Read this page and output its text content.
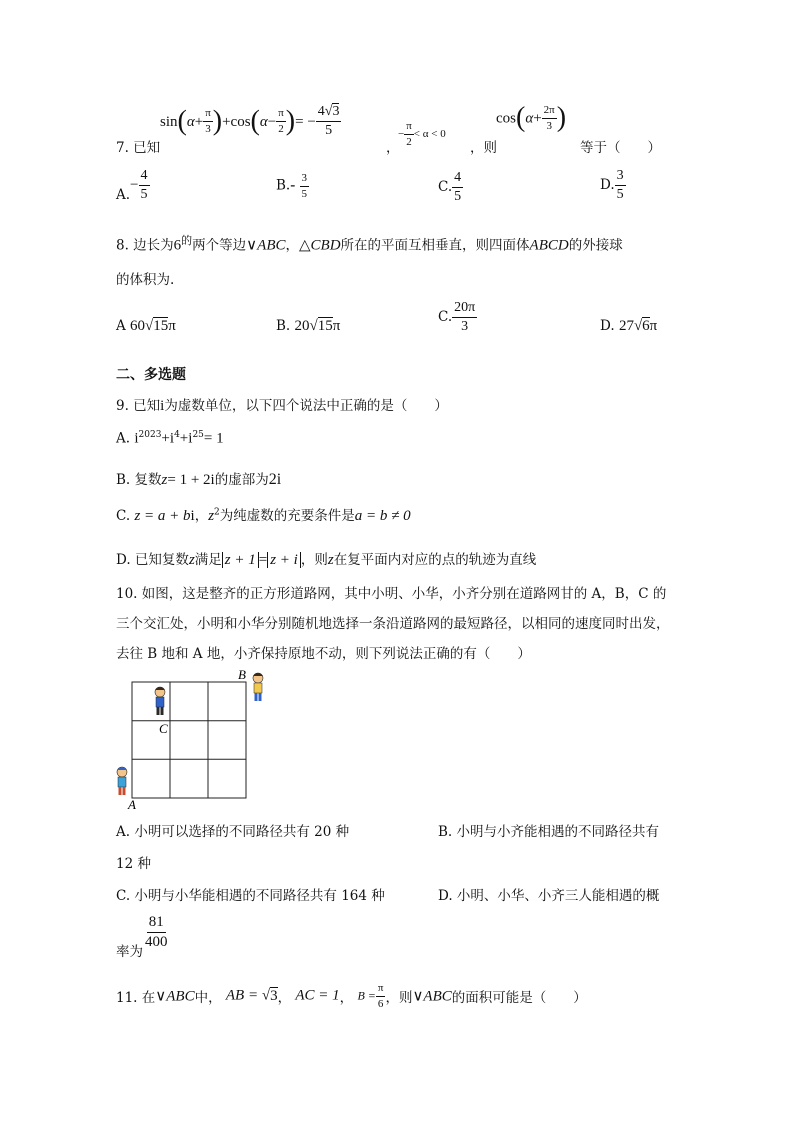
7. 已知
$\sin(\alpha+ \frac{\pi}{3} )+\cos(\alpha- \frac{\pi}{2}$ )= − $\frac{4√3}{5}$
，
− $\frac{\pi}{2} < \alpha < 0$
，则
$\cos(\alpha+ \frac{2\pi}{3}$ )
等于（　　）
$A.- \frac{4}{5}$	$B.- \frac{3}{5}$	C. $\frac{4}{5}$	D. $\frac{3}{5}$
8. 边长为$6^的$两个等边∨ABC，△CBD所在的平面互相垂直，则四面体ABCD的外接球
的体积为.
A 60√15π	B. 20√15π
C. $\frac{20\pi}{3}$	D. 27√6π
二、多选题
9. 已知i为虚数单位，以下四个说法中正确的是（　　）
A. $i^{2023}+i^4+i^{25}= 1$
B. 复数z= 1 + 2i的虚部为2i
C. z = a + bi，$z^2$为纯虚数的充要条件是a = b ≠ 0
D. 已知复数z满足 z + 1 = z + i ，则z在复平面内对应的点的轨迹为直线
10. 如图，这是整齐的正方形道路网，其中小明、小华，小齐分别在道路网甘的 A，B，C 的
三个交汇处，小明和小华分别随机地选择一条沿道路网的最短路径，以相同的速度同时出发，
去往 B 地和 A 地，小齐保持原地不动，则下列说法正确的有（　　）
B
C
A
A. 小明可以选择的不同路径共有 20 种	B. 小明与小齐能相遇的不同路径共有
12 种
C. 小明与小华能相遇的不同路径共有 164 种	D. 小明、小华、小齐三人能相遇的概
率为
$\frac{81}{400}$
11. 在∨ABC中， AB = √3， AC = 1， $B = \frac{\pi}{6}$ ，则∨ABC的面积可能是（　　）
